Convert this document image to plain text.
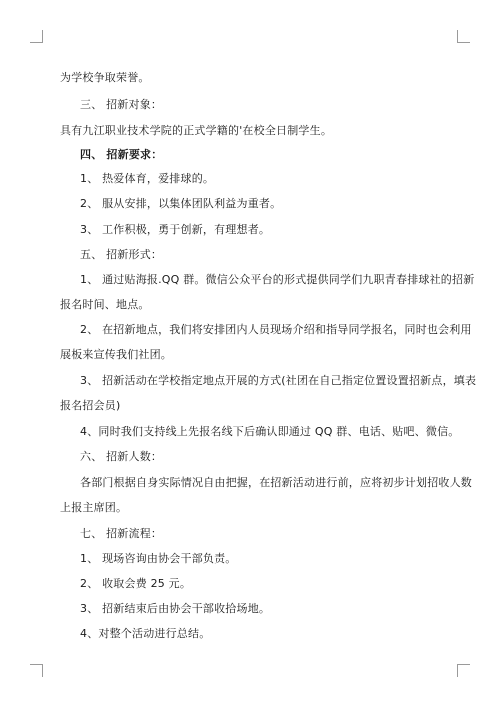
为学校争取荣誉。
三、 招新对象：
具有九江职业技术学院的正式学籍的'在校全日制学生。
四、 招新要求：
1、 热爱体育，爱排球的。
2、 服从安排，以集体团队利益为重者。
3、 工作积极，勇于创新，有理想者。
五、 招新形式：
1、 通过贴海报.QQ 群。微信公众平台的形式提供同学们九职青春排球社的招新
报名时间、地点。
2、 在招新地点，我们将安排团内人员现场介绍和指导同学报名，同时也会利用
展板来宣传我们社团。
3、 招新活动在学校指定地点开展的方式(社团在自己指定位置设置招新点，填表
报名招会员)
4、同时我们支持线上先报名线下后确认即通过 QQ 群、电话、贴吧、微信。
六、 招新人数：
各部门根据自身实际情况自由把握，在招新活动进行前，应将初步计划招收人数
上报主席团。
七、 招新流程：
1、 现场咨询由协会干部负责。
2、 收取会费 25 元。
3、 招新结束后由协会干部收拾场地。
4、对整个活动进行总结。
